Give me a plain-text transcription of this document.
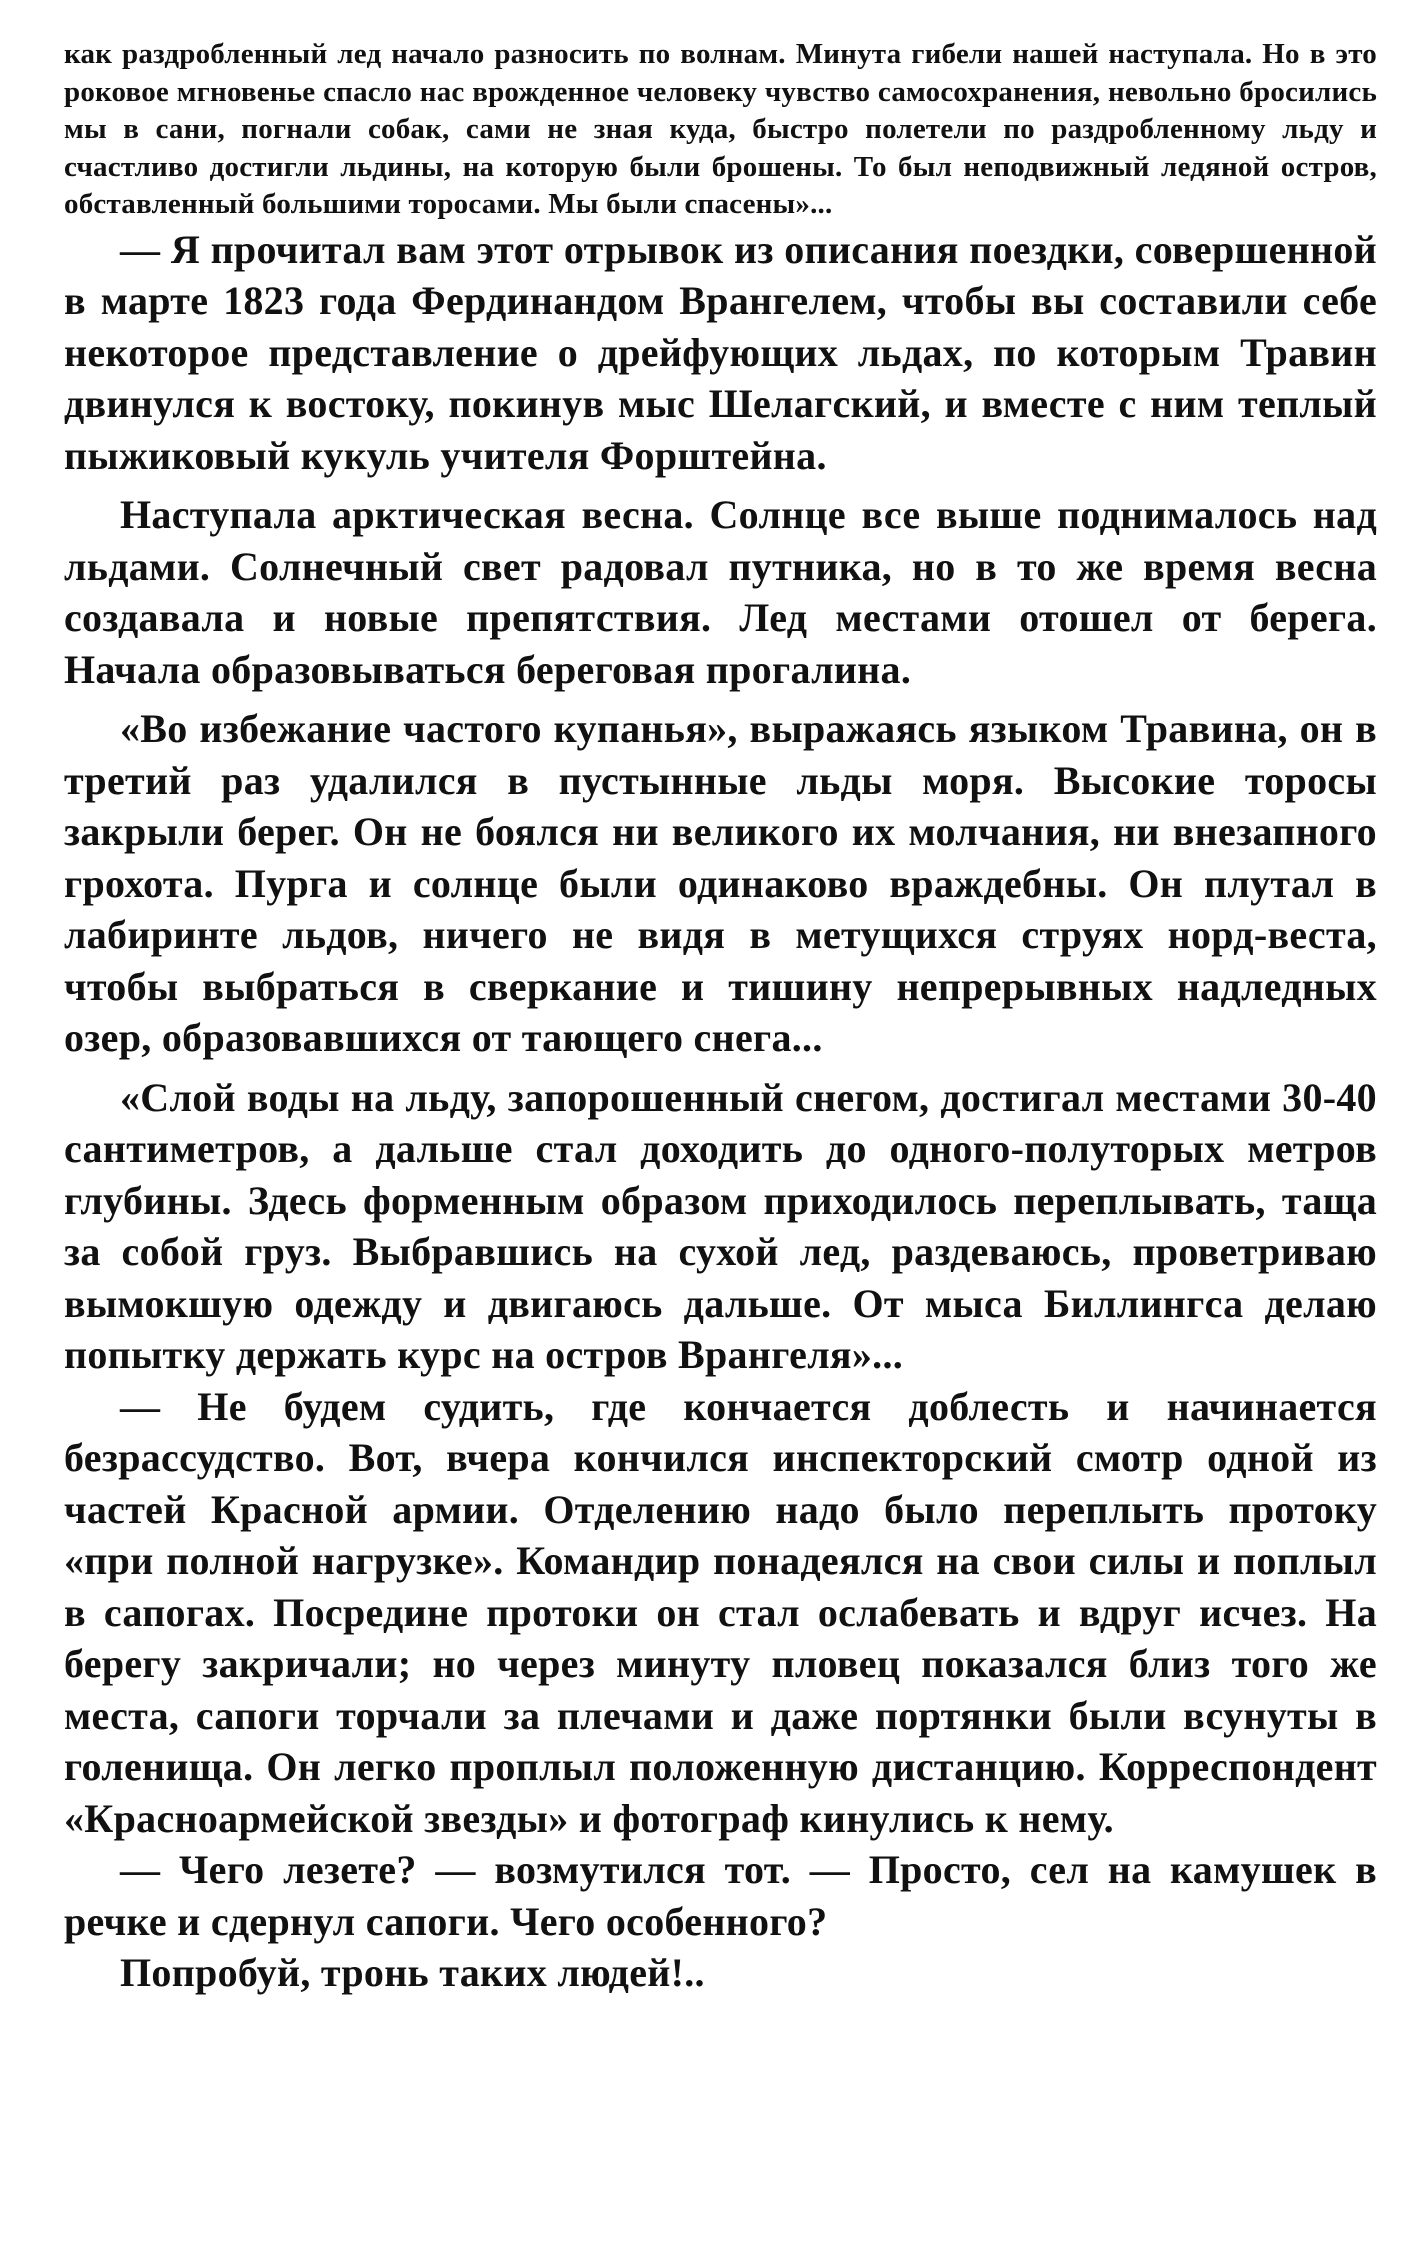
как раздробленный лед начало разносить по волнам. Минута гибели нашей наступала. Но в это роковое мгновенье спасло нас врожденное человеку чувство самосохранения, невольно бросились мы в сани, погнали собак, сами не зная куда, быстро полетели по раздробленному льду и счастливо достигли льдины, на которую были брошены. То был неподвижный ледяной остров, обставленный большими торосами. Мы были спасены»...

— Я прочитал вам этот отрывок из описания поездки, совершенной в марте 1823 года Фердинандом Врангелем, чтобы вы составили себе некоторое представление о дрейфующих льдах, по которым Травин двинулся к востоку, покинув мыс Шелагский, и вместе с ним теплый пыжиковый кукуль учителя Форштейна.

Наступала арктическая весна. Солнце все выше поднималось над льдами. Солнечный свет радовал путника, но в то же время весна создавала и новые препятствия. Лед местами отошел от берега. Начала образовываться береговая прогалина.

«Во избежание частого купанья», выражаясь языком Травина, он в третий раз удалился в пустынные льды моря. Высокие торосы закрыли берег. Он не боялся ни великого их молчания, ни внезапного грохота. Пурга и солнце были одинаково враждебны. Он плутал в лабиринте льдов, ничего не видя в метущихся струях норд-веста, чтобы выбраться в сверкание и тишину непрерывных надледных озер, образовавшихся от тающего снега...

«Слой воды на льду, запорошенный снегом, достигал местами 30-40 сантиметров, а дальше стал доходить до одного-полуторых метров глубины. Здесь форменным образом приходилось переплывать, таща за собой груз. Выбравшись на сухой лед, раздеваюсь, проветриваю вымокшую одежду и двигаюсь дальше. От мыса Биллингса делаю попытку держать курс на остров Врангеля»...

— Не будем судить, где кончается доблесть и начинается безрассудство. Вот, вчера кончился инспекторский смотр одной из частей Красной армии. Отделению надо было переплыть протоку «при полной нагрузке». Командир понадеялся на свои силы и поплыл в сапогах. Посредине протоки он стал ослабевать и вдруг исчез. На берегу закричали; но через минуту пловец показался близ того же места, сапоги торчали за плечами и даже портянки были всунуты в голенища. Он легко проплыл положенную дистанцию. Корреспондент «Красноармейской звезды» и фотограф кинулись к нему.

— Чего лезете? — возмутился тот. — Просто, сел на камушек в речке и сдернул сапоги. Чего особенного?

Попробуй, тронь таких людей!..
